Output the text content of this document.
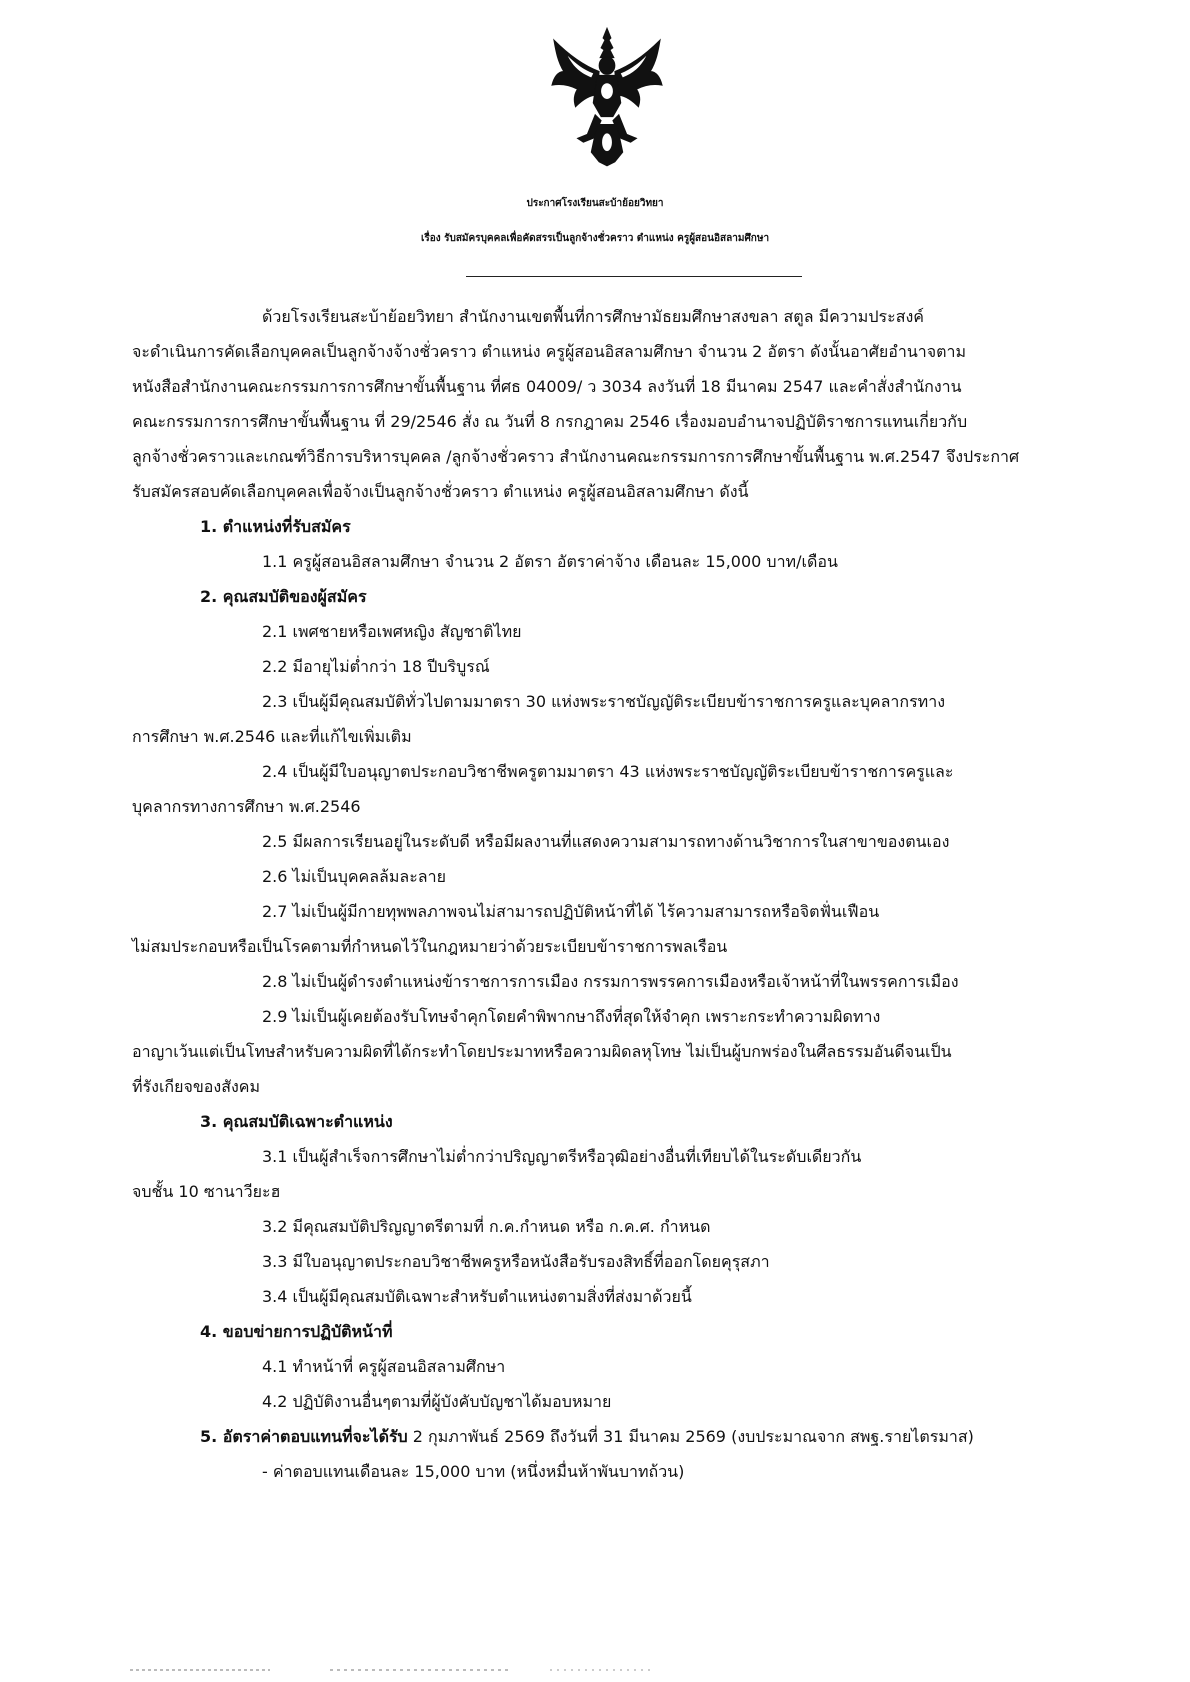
ประกาศโรงเรียนสะบ้าย้อยวิทยา
เรื่อง รับสมัครบุคคลเพื่อคัดสรรเป็นลูกจ้างชั่วคราว ตำแหน่ง ครูผู้สอนอิสลามศึกษา
ด้วยโรงเรียนสะบ้าย้อยวิทยา สำนักงานเขตพื้นที่การศึกษามัธยมศึกษาสงขลา สตูล มีความประสงค์
จะดำเนินการคัดเลือกบุคคลเป็นลูกจ้างจ้างชั่วคราว ตำแหน่ง ครูผู้สอนอิสลามศึกษา จำนวน 2 อัตรา ดังนั้นอาศัยอำนาจตาม
หนังสือสำนักงานคณะกรรมการการศึกษาขั้นพื้นฐาน ที่ศธ 04009/ ว 3034 ลงวันที่ 18 มีนาคม 2547 และคำสั่งสำนักงาน
คณะกรรมการการศึกษาขั้นพื้นฐาน ที่ 29/2546 สั่ง ณ วันที่ 8 กรกฎาคม 2546 เรื่องมอบอำนาจปฏิบัติราชการแทนเกี่ยวกับ
ลูกจ้างชั่วคราวและเกณฑ์วิธีการบริหารบุคคล /ลูกจ้างชั่วคราว สำนักงานคณะกรรมการการศึกษาขั้นพื้นฐาน พ.ศ.2547 จึงประกาศ
รับสมัครสอบคัดเลือกบุคคลเพื่อจ้างเป็นลูกจ้างชั่วคราว ตำแหน่ง ครูผู้สอนอิสลามศึกษา ดังนี้
1. ตำแหน่งที่รับสมัคร
1.1 ครูผู้สอนอิสลามศึกษา จำนวน 2 อัตรา อัตราค่าจ้าง เดือนละ 15,000 บาท/เดือน
2. คุณสมบัติของผู้สมัคร
2.1 เพศชายหรือเพศหญิง สัญชาติไทย
2.2 มีอายุไม่ต่ำกว่า 18 ปีบริบูรณ์
2.3 เป็นผู้มีคุณสมบัติทั่วไปตามมาตรา 30 แห่งพระราชบัญญัติระเบียบข้าราชการครูและบุคลากรทาง
การศึกษา พ.ศ.2546 และที่แก้ไขเพิ่มเติม
2.4 เป็นผู้มีใบอนุญาตประกอบวิชาชีพครูตามมาตรา 43 แห่งพระราชบัญญัติระเบียบข้าราชการครูและ
บุคลากรทางการศึกษา พ.ศ.2546
2.5 มีผลการเรียนอยู่ในระดับดี หรือมีผลงานที่แสดงความสามารถทางด้านวิชาการในสาขาของตนเอง
2.6 ไม่เป็นบุคคลล้มละลาย
2.7 ไม่เป็นผู้มีกายทุพพลภาพจนไม่สามารถปฏิบัติหน้าที่ได้ ไร้ความสามารถหรือจิตฟั่นเฟือน
ไม่สมประกอบหรือเป็นโรคตามที่กำหนดไว้ในกฎหมายว่าด้วยระเบียบข้าราชการพลเรือน
2.8 ไม่เป็นผู้ดำรงตำแหน่งข้าราชการการเมือง กรรมการพรรคการเมืองหรือเจ้าหน้าที่ในพรรคการเมือง
2.9 ไม่เป็นผู้เคยต้องรับโทษจำคุกโดยคำพิพากษาถึงที่สุดให้จำคุก เพราะกระทำความผิดทาง
อาญาเว้นแต่เป็นโทษสำหรับความผิดที่ได้กระทำโดยประมาทหรือความผิดลหุโทษ ไม่เป็นผู้บกพร่องในศีลธรรมอันดีจนเป็น
ที่รังเกียจของสังคม
3. คุณสมบัติเฉพาะตำแหน่ง
3.1 เป็นผู้สำเร็จการศึกษาไม่ต่ำกว่าปริญญาตรีหรือวุฒิอย่างอื่นที่เทียบได้ในระดับเดียวกัน
จบชั้น 10 ซานาวียะฮ
3.2 มีคุณสมบัติปริญญาตรีตามที่ ก.ค.กำหนด หรือ ก.ค.ศ. กำหนด
3.3 มีใบอนุญาตประกอบวิชาชีพครูหรือหนังสือรับรองสิทธิ์ที่ออกโดยคุรุสภา
3.4 เป็นผู้มีคุณสมบัติเฉพาะสำหรับตำแหน่งตามสิ่งที่ส่งมาด้วยนี้
4. ขอบข่ายการปฏิบัติหน้าที่
4.1 ทำหน้าที่ ครูผู้สอนอิสลามศึกษา
4.2 ปฏิบัติงานอื่นๆตามที่ผู้บังคับบัญชาได้มอบหมาย
5. อัตราค่าตอบแทนที่จะได้รับ 2 กุมภาพันธ์ 2569 ถึงวันที่ 31 มีนาคม 2569 (งบประมาณจาก สพฐ.รายไตรมาส)
- ค่าตอบแทนเดือนละ 15,000 บาท (หนึ่งหมื่นห้าพันบาทถ้วน)
